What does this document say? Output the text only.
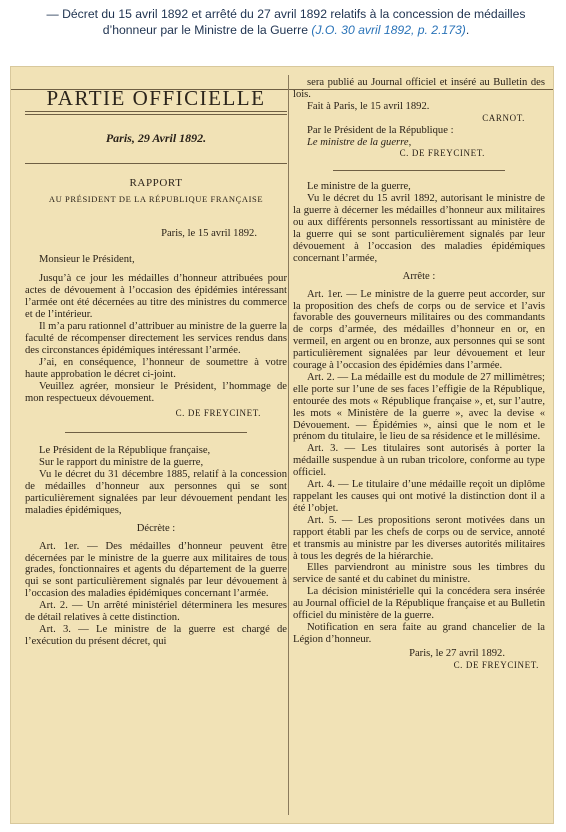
— Décret du 15 avril 1892 et arrêté du 27 avril 1892 relatifs à la concession de médailles d’honneur par le Ministre de la Guerre (J.O. 30 avril 1892, p. 2.173).
PARTIE OFFICIELLE
Paris, 29 Avril 1892.
RAPPORT
AU PRÉSIDENT DE LA RÉPUBLIQUE FRANÇAISE
Paris, le 15 avril 1892.
Monsieur le Président,

Jusqu’à ce jour les médailles d’honneur attribuées pour actes de dévouement à l’occasion des épidémies intéressant l’armée ont été décernées au titre des ministres du commerce et de l’intérieur.

Il m’a paru rationnel d’attribuer au ministre de la guerre la faculté de récompenser directement les services rendus dans des circonstances épidémiques intéressant l’armée.

J’ai, en conséquence, l’honneur de soumettre à votre haute approbation le décret ci-joint.

Veuillez agréer, monsieur le Président, l’hommage de mon respectueux dévouement.

C. DE FREYCINET.

Le Président de la République française,

Sur le rapport du ministre de la guerre,

Vu le décret du 31 décembre 1885, relatif à la concession de médailles d’honneur aux personnes qui se sont particulièrement signalées par leur dévouement pendant les maladies épidémiques,

Décrète :

Art. 1er. — Des médailles d’honneur peuvent être décernées par le ministre de la guerre aux militaires de tous grades, fonctionnaires et agents du département de la guerre qui se sont particulièrement signalés par leur dévouement à l’occasion des maladies épidémiques concernant l’armée.

Art. 2. — Un arrêté ministériel déterminera les mesures de détail relatives à cette distinction.

Art. 3. — Le ministre de la guerre est chargé de l’exécution du présent décret, qui

sera publié au Journal officiel et inséré au Bulletin des lois.

Fait à Paris, le 15 avril 1892.

CARNOT.

Par le Président de la République :

Le ministre de la guerre,

C. DE FREYCINET.

Le ministre de la guerre,

Vu le décret du 15 avril 1892, autorisant le ministre de la guerre à décerner les médailles d’honneur aux militaires ou aux différents personnels ressortissant au ministère de la guerre qui se sont particulièrement signalés par leur dévouement à l’occasion des maladies épidémiques concernant l’armée,

Arrête :

Art. 1er. — Le ministre de la guerre peut accorder, sur la proposition des chefs de corps ou de service et l’avis favorable des gouverneurs militaires ou des commandants de corps d’armée, des médailles d’honneur en or, en vermeil, en argent ou en bronze, aux personnes qui se sont particulièrement signalées par leur dévouement et leur courage à l’occasion des épidémies dans l’armée.

Art. 2. — La médaille est du module de 27 millimètres; elle porte sur l’une de ses faces l’effigie de la République, entourée des mots « République française », et, sur l’autre, les mots « Ministère de la guerre », avec la devise « Dévouement. — Épidémies », ainsi que le nom et le prénom du titulaire, le lieu de sa résidence et le millésime.

Art. 3. — Les titulaires sont autorisés à porter la médaille suspendue à un ruban tricolore, conforme au type officiel.

Art. 4. — Le titulaire d’une médaille reçoit un diplôme rappelant les causes qui ont motivé la distinction dont il a été l’objet.

Art. 5. — Les propositions seront motivées dans un rapport établi par les chefs de corps ou de service, annoté et transmis au ministre par les diverses autorités militaires à tous les degrés de la hiérarchie.

Elles parviendront au ministre sous les timbres du service de santé et du cabinet du ministre.

La décision ministérielle qui la concédera sera insérée au Journal officiel de la République française et au Bulletin officiel du ministère de la guerre.

Notification en sera faite au grand chancelier de la Légion d’honneur.

Paris, le 27 avril 1892.
C. DE FREYCINET.
